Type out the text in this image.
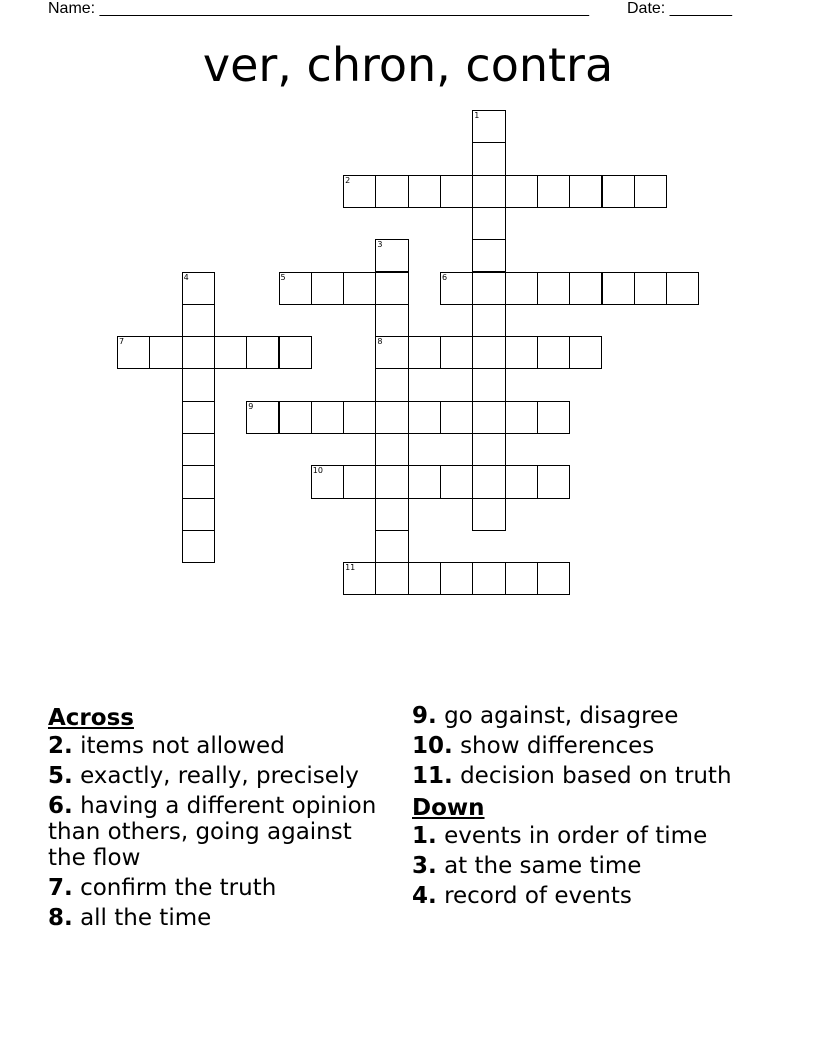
Name: _______________________________________________________ Date: _______
ver, chron, contra
1
2
3
8
4	5	6
7
9
10
11
Across
2. items not allowed
5. exactly, really, precisely
6. having a different opinion than others, going against the flow
7. confirm the truth
8. all the time
9. go against, disagree
10. show differences
11. decision based on truth
Down
1. events in order of time
3. at the same time
4. record of events
